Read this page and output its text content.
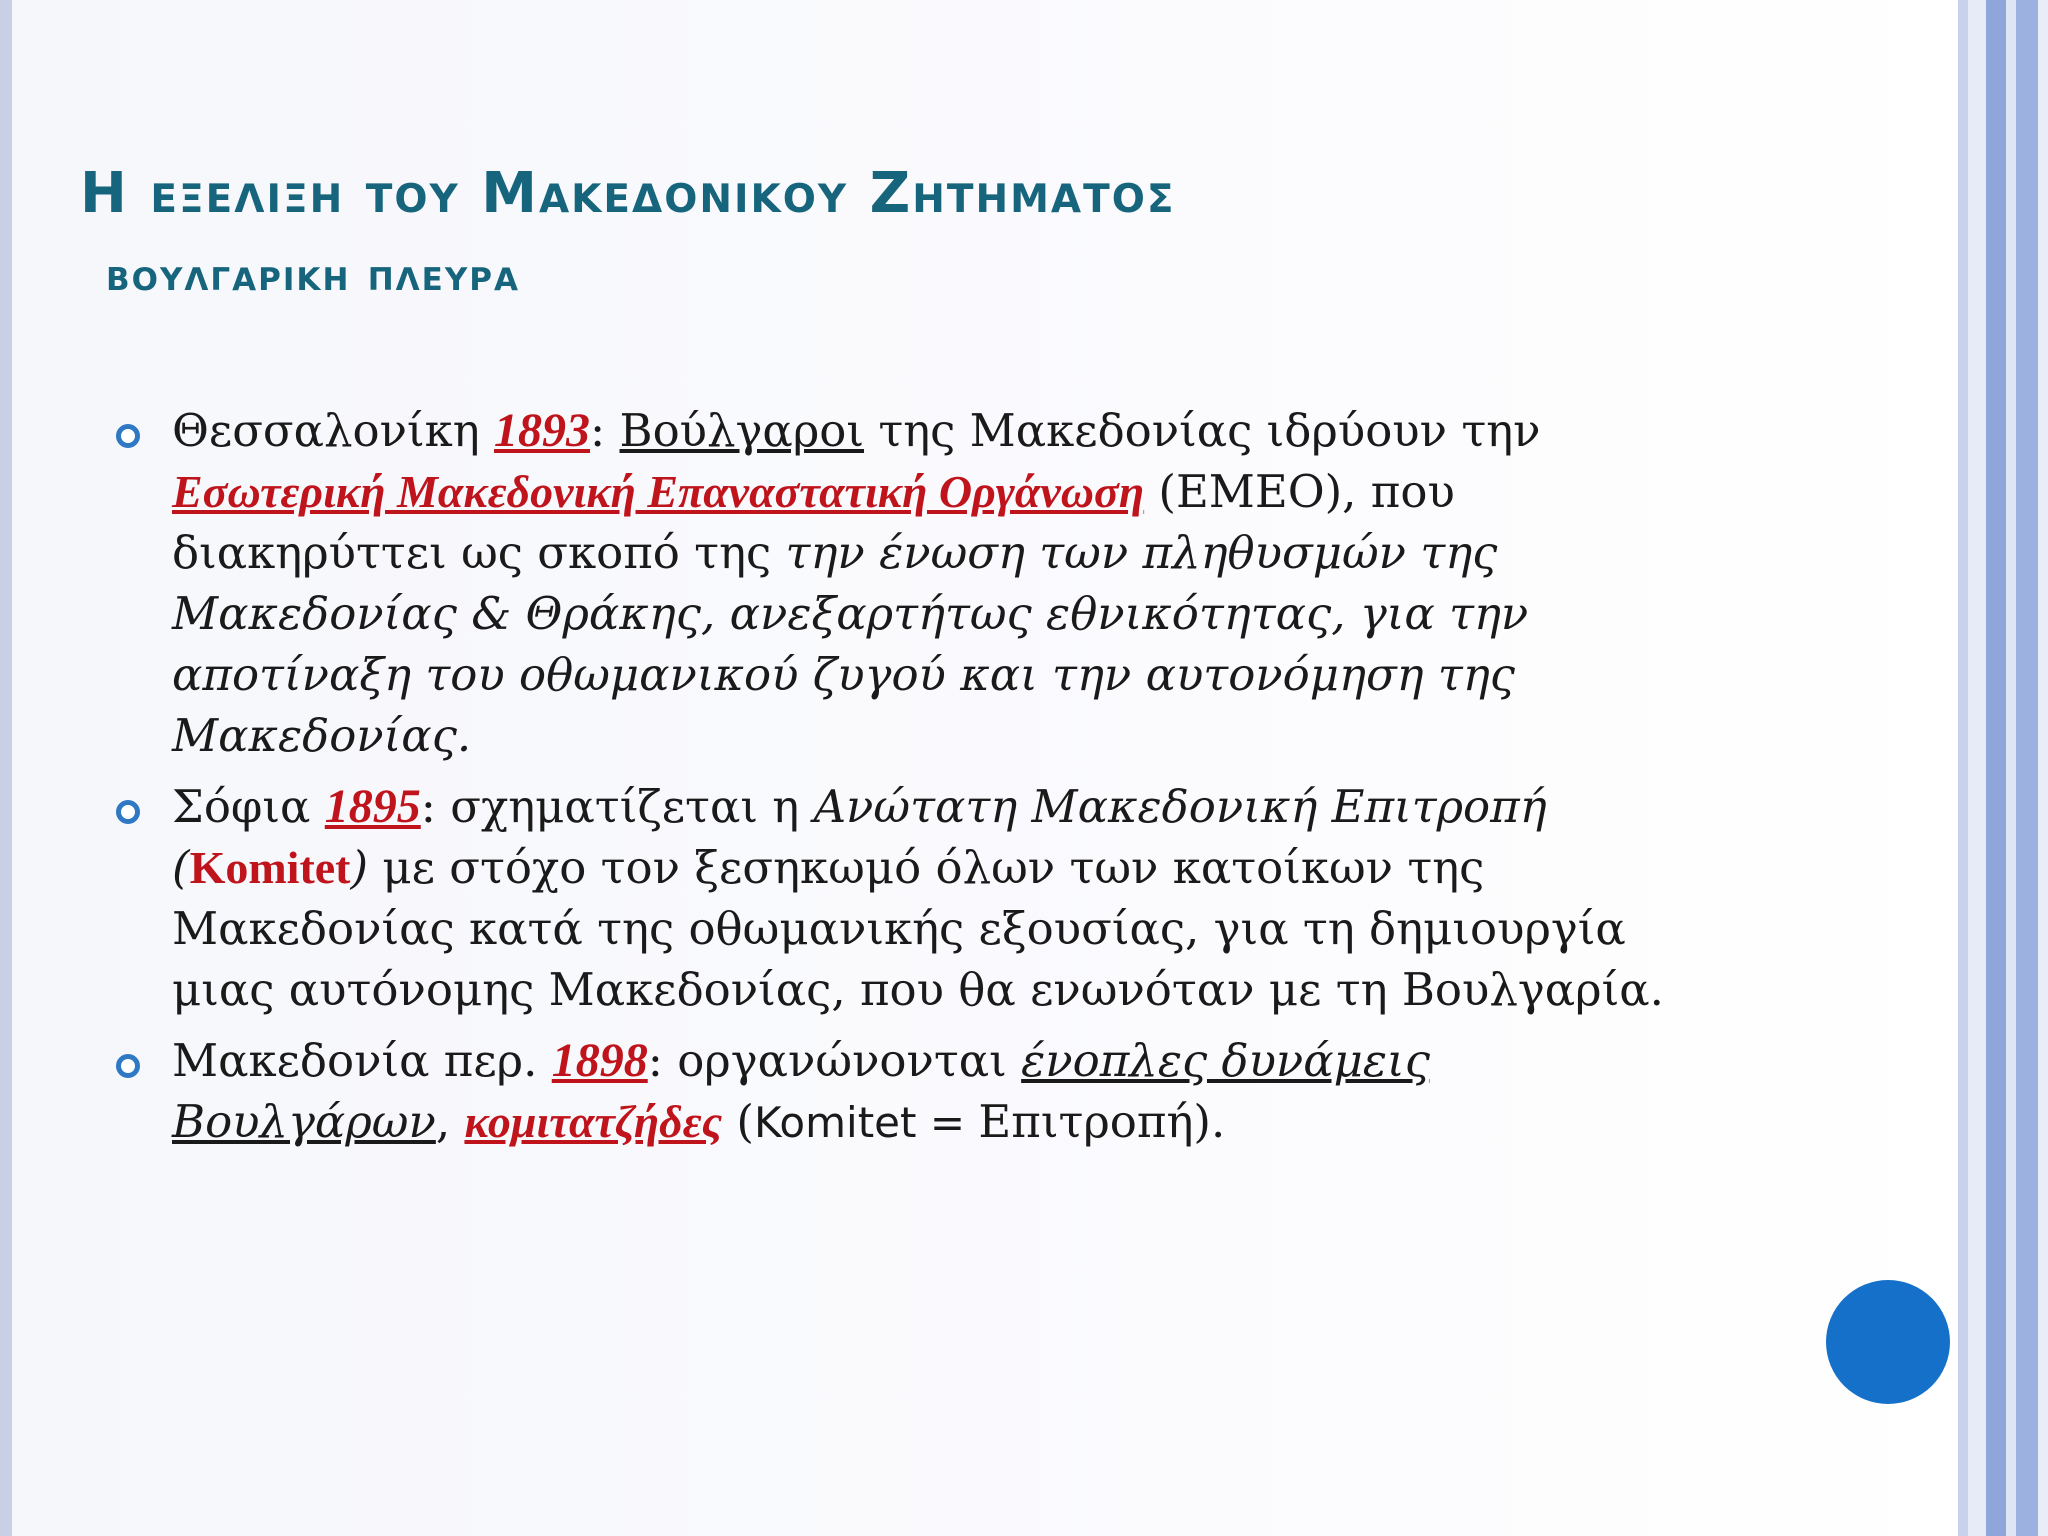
Η εξελιξη του Μακεδονικου Ζητηματος
βουλγαρικη πλευρα
Θεσσαλονίκη 1893: Βούλγαροι της Μακεδονίας ιδρύουν την Εσωτερική Μακεδονική Επαναστατική Οργάνωση (ΕΜΕΟ), που διακηρύττει ως σκοπό της την ένωση των πληθυσμών της Μακεδονίας & Θράκης, ανεξαρτήτως εθνικότητας, για την αποτίναξη του οθωμανικού ζυγού και την αυτονόμηση της Μακεδονίας.
Σόφια 1895: σχηματίζεται η Ανώτατη Μακεδονική Επιτροπή (Komitet) με στόχο τον ξεσηκωμό όλων των κατοίκων της Μακεδονίας κατά της οθωμανικής εξουσίας, για τη δημιουργία μιας αυτόνομης Μακεδονίας, που θα ενωνόταν με τη Βουλγαρία.
Μακεδονία περ. 1898: οργανώνονται ένοπλες δυνάμεις Βουλγάρων, κομιτατζήδες (Komitet = Επιτροπή).
